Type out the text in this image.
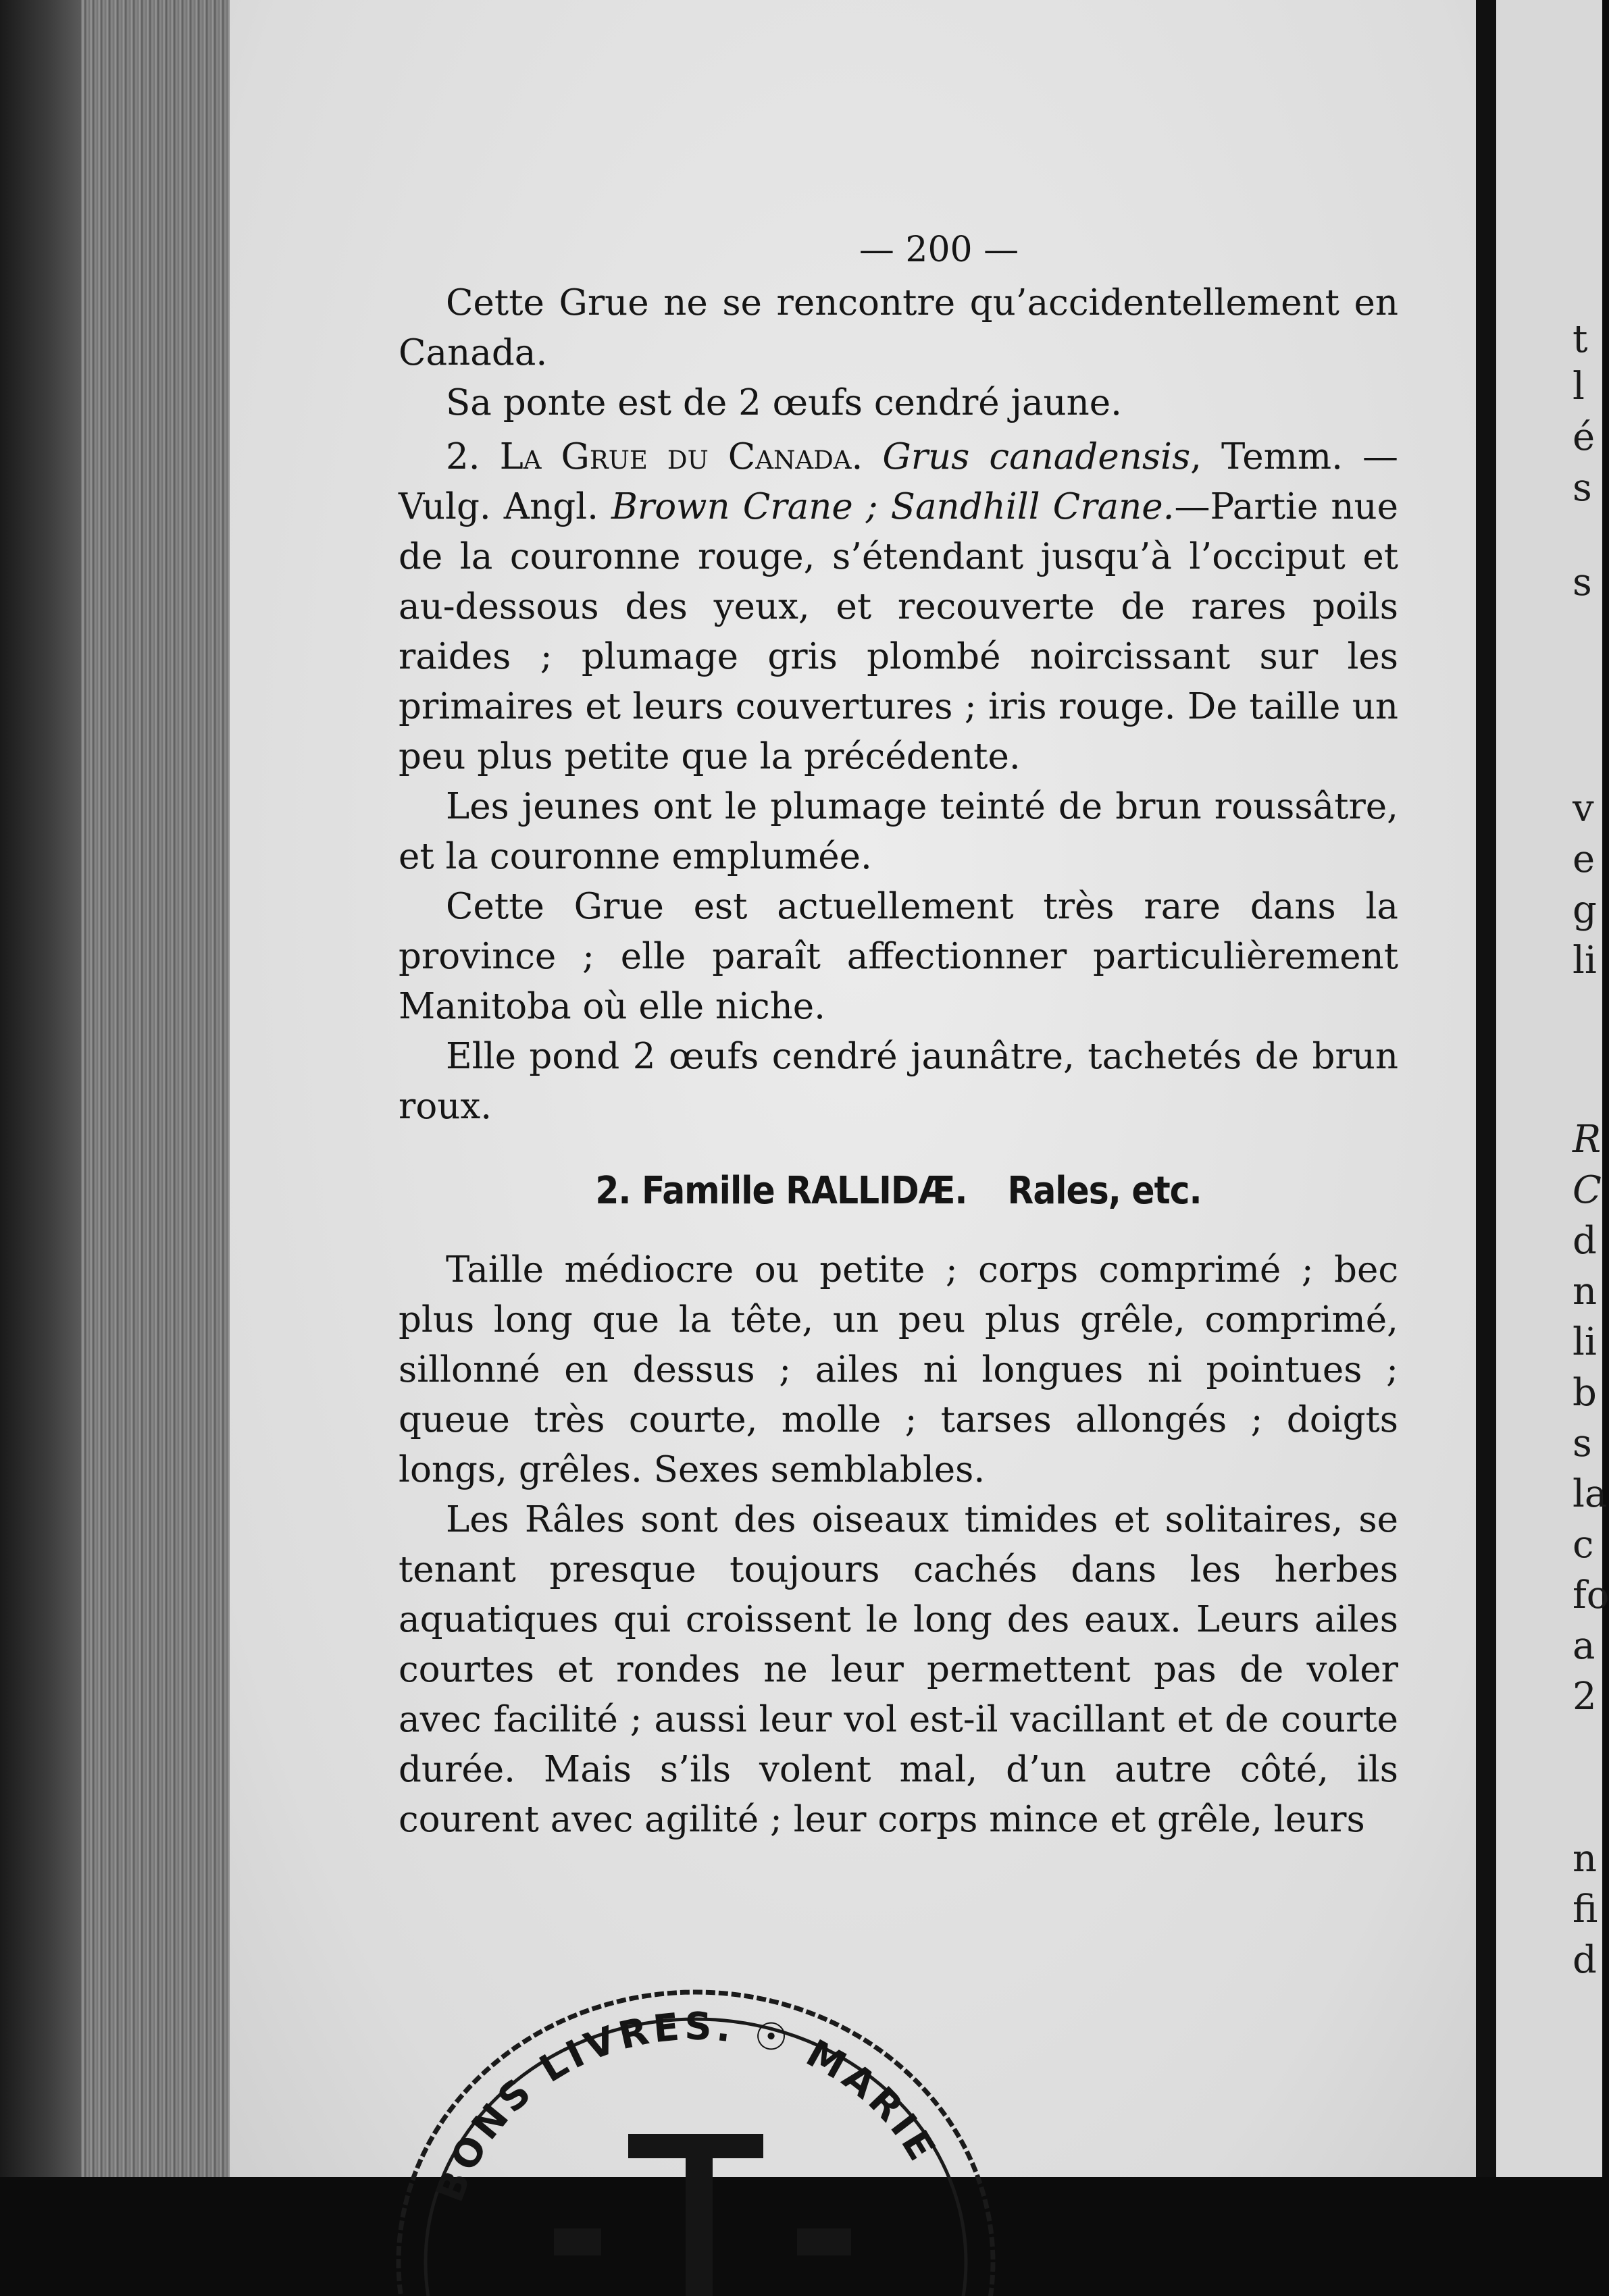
t
l
é
s
s
v
e
g
li
R
C
d
n
li
b
s
la
c
fo
a
2
n
fi
d
— 200 —

Cette Grue ne se rencontre qu’accidentellement en Canada.

Sa ponte est de 2 œufs cendré jaune.

2. La Grue du Canada. Grus canadensis, Temm. —Vulg. Angl. Brown Crane ; Sandhill Crane.—Partie nue de la couronne rouge, s’étendant jusqu’à l’occiput et au-dessous des yeux, et recouverte de rares poils raides ; plumage gris plombé noircissant sur les primaires et leurs couvertures ; iris rouge. De taille un peu plus petite que la précédente.

Les jeunes ont le plumage teinté de brun roussâtre, et la couronne emplumée.

Cette Grue est actuellement très rare dans la province ; elle paraît affectionner particulièrement Manitoba où elle niche.

Elle pond 2 œufs cendré jaunâtre, tachetés de brun roux.

2. Famille RALLIDÆ. Rales, etc.

Taille médiocre ou petite ; corps comprimé ; bec plus long que la tête, un peu plus grêle, comprimé, sillonné en dessus ; ailes ni longues ni pointues ; queue très courte, molle ; tarses allongés ; doigts longs, grêles. Sexes semblables.

Les Râles sont des oiseaux timides et solitaires, se tenant presque toujours cachés dans les herbes aquatiques qui croissent le long des eaux. Leurs ailes courtes et rondes ne leur permettent pas de voler avec facilité ; aussi leur vol est-il vacillant et de courte durée. Mais s’ils volent mal, d’un autre côté, ils courent avec agilité ; leur corps mince et grêle, leurs

BONS LIVRES. ☉ MARIE
